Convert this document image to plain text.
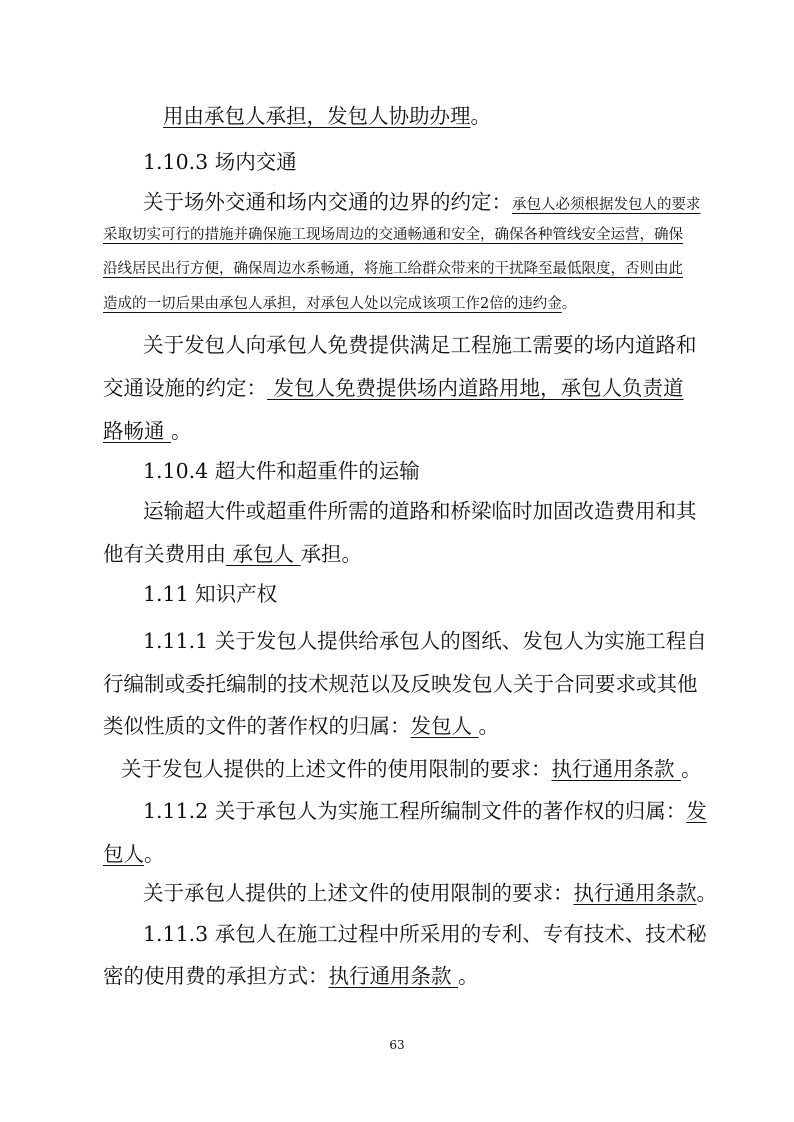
用由承包人承担，发包人协助办理。
1.10.3 场内交通
关于场外交通和场内交通的边界的约定：承包人必须根据发包人的要求
采取切实可行的措施并确保施工现场周边的交通畅通和安全，确保各种管线安全运营，确保
沿线居民出行方便，确保周边水系畅通，将施工给群众带来的干扰降至最低限度，否则由此
造成的一切后果由承包人承担，对承包人处以完成该项工作2倍的违约金。
关于发包人向承包人免费提供满足工程施工需要的场内道路和
交通设施的约定： 发包人免费提供场内道路用地，承包人负责道
路畅通 。
1.10.4 超大件和超重件的运输
运输超大件或超重件所需的道路和桥梁临时加固改造费用和其
他有关费用由 承包人 承担。
1.11 知识产权
1.11.1 关于发包人提供给承包人的图纸、发包人为实施工程自
行编制或委托编制的技术规范以及反映发包人关于合同要求或其他
类似性质的文件的著作权的归属：发包人 。
关于发包人提供的上述文件的使用限制的要求：执行通用条款 。
1.11.2 关于承包人为实施工程所编制文件的著作权的归属：发
包人。
关于承包人提供的上述文件的使用限制的要求：执行通用条款。
1.11.3 承包人在施工过程中所采用的专利、专有技术、技术秘
密的使用费的承担方式：执行通用条款 。
63
